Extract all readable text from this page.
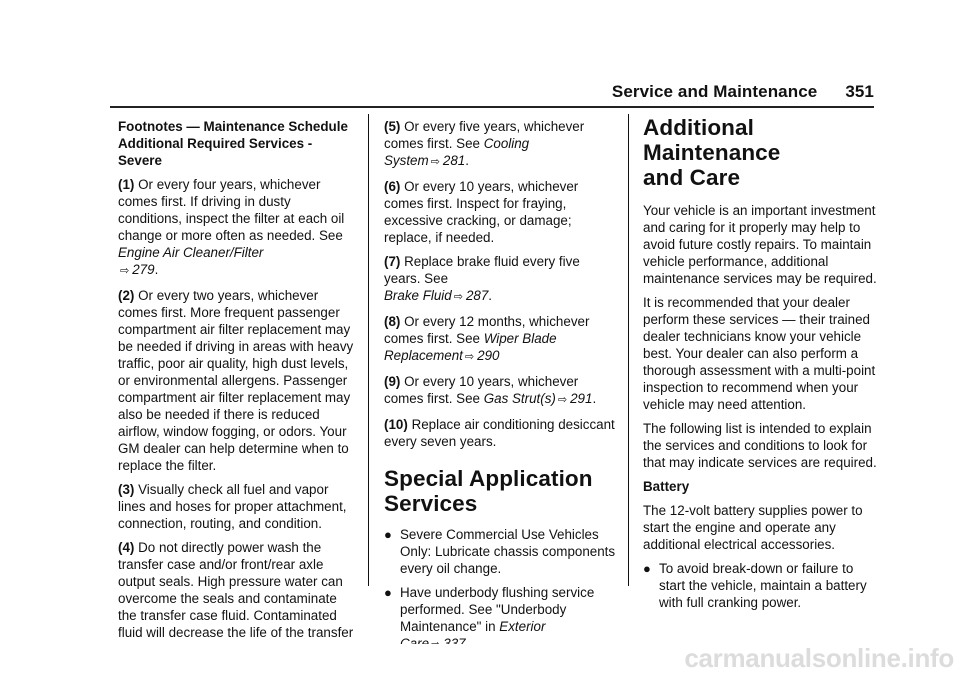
Service and Maintenance 351

Footnotes — Maintenance Schedule
Additional Required Services - Severe

(1) Or every four years, whichever comes first. If driving in dusty conditions, inspect the filter at each oil change or more often as needed. See Engine Air Cleaner/Filter
⇨ 279.

(2) Or every two years, whichever comes first. More frequent passenger compartment air filter replacement may be needed if driving in areas with heavy traffic, poor air quality, high dust levels, or environmental allergens. Passenger compartment air filter replacement may also be needed if there is reduced airflow, window fogging, or odors. Your GM dealer can help determine when to replace the filter.

(3) Visually check all fuel and vapor lines and hoses for proper attachment, connection, routing, and condition.

(4) Do not directly power wash the transfer case and/or front/rear axle output seals. High pressure water can overcome the seals and contaminate the transfer case fluid. Contaminated fluid will decrease the life of the transfer

(5) Or every five years, whichever comes first. See Cooling System ⇨ 281.

(6) Or every 10 years, whichever comes first. Inspect for fraying, excessive cracking, or damage; replace, if needed.

(7) Replace brake fluid every five years. See
Brake Fluid ⇨ 287.

(8) Or every 12 months, whichever comes first. See Wiper Blade Replacement ⇨ 290

(9) Or every 10 years, whichever comes first. See Gas Strut(s) ⇨ 291.

(10) Replace air conditioning desiccant every seven years.

Special Application Services
● Severe Commercial Use Vehicles Only: Lubricate chassis components every oil change.
● Have underbody flushing service performed. See "Underbody Maintenance" in Exterior
Additional Maintenance
and Care

Your vehicle is an important investment and caring for it properly may help to avoid future costly repairs. To maintain vehicle performance, additional maintenance services may be required.

It is recommended that your dealer perform these services — their trained dealer technicians know your vehicle best. Your dealer can also perform a thorough assessment with a multi-point inspection to recommend when your vehicle may need attention.

The following list is intended to explain the services and conditions to look for that may indicate services are required.

Battery

The 12-volt battery supplies power to start the engine and operate any additional electrical accessories.

● To avoid break-down or failure to start the vehicle, maintain a battery with full cranking power.
carmanualsonline.info
